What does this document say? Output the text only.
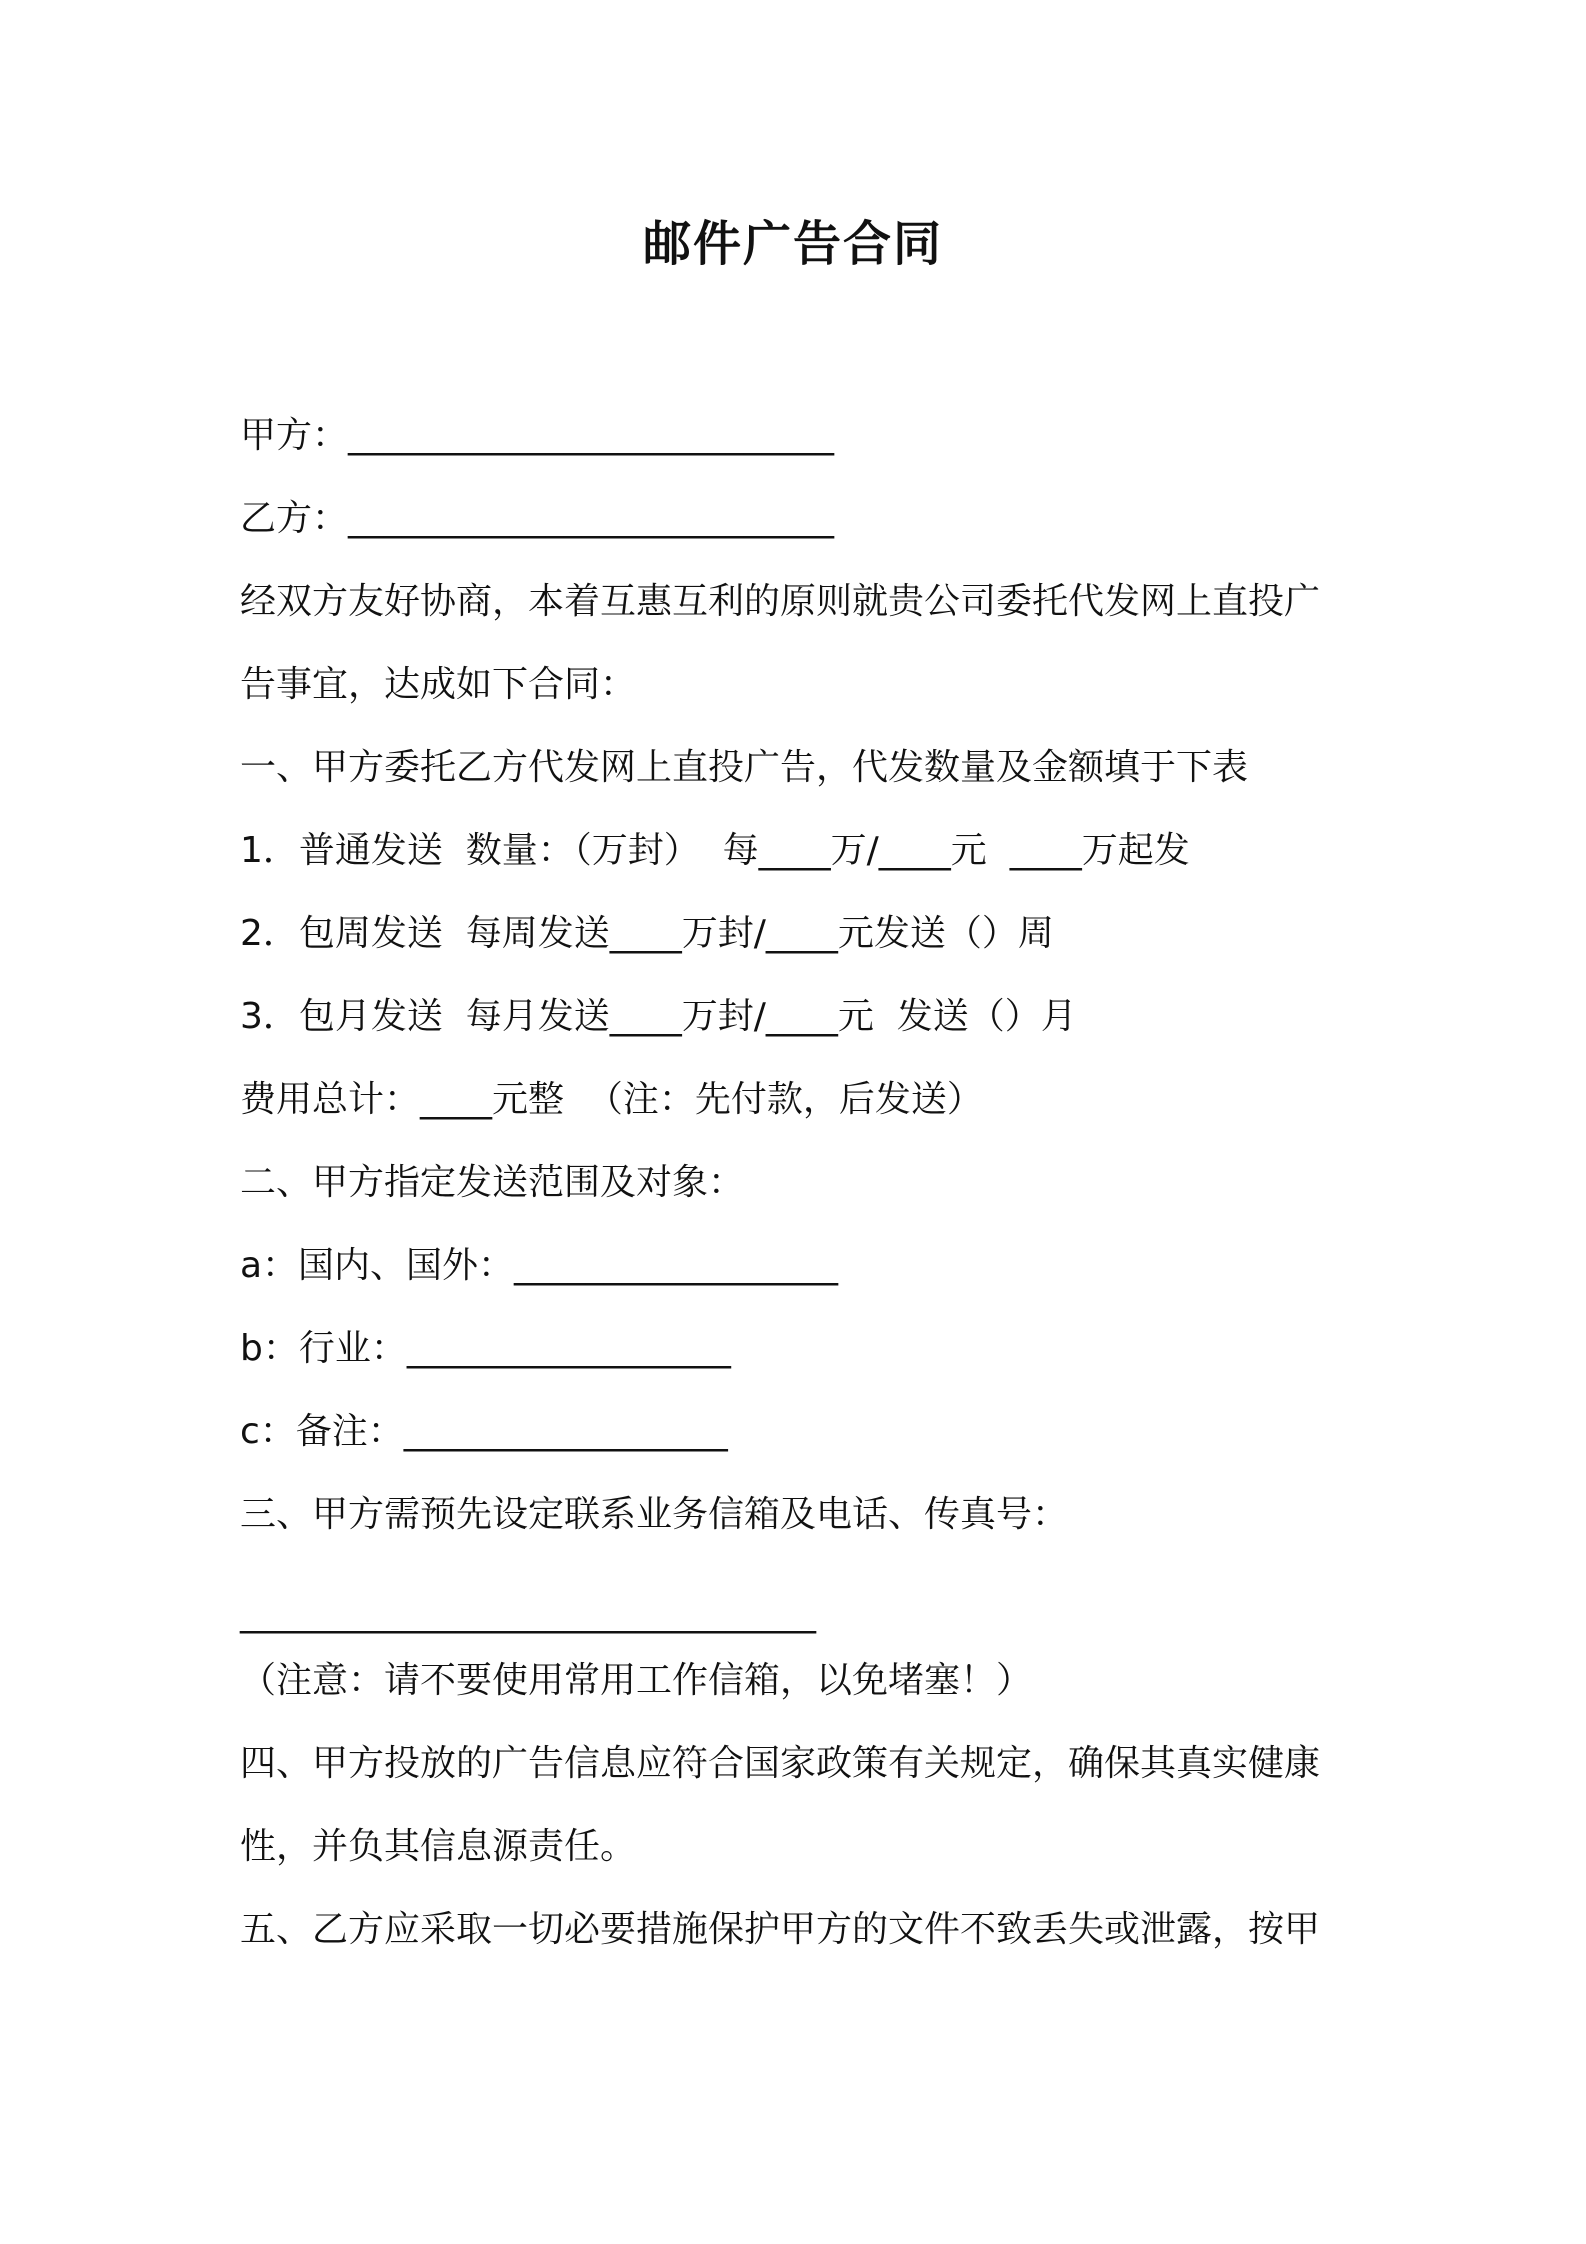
邮件广告合同
甲方：___________________________
乙方：___________________________
经双方友好协商，本着互惠互利的原则就贵公司委托代发网上直投广
告事宜，达成如下合同：
一、甲方委托乙方代发网上直投广告，代发数量及金额填于下表
1．普通发送  数量：（万封）  每____万/____元  ____万起发
2．包周发送  每周发送____万封/____元发送（）周
3．包月发送  每月发送____万封/____元  发送（）月
费用总计：____元整  （注：先付款，后发送）
二、甲方指定发送范围及对象：
a：国内、国外：__________________
b：行业：__________________
c：备注：__________________
三、甲方需预先设定联系业务信箱及电话、传真号：
________________________________
（注意：请不要使用常用工作信箱，以免堵塞！）
四、甲方投放的广告信息应符合国家政策有关规定，确保其真实健康
性，并负其信息源责任。
五、乙方应采取一切必要措施保护甲方的文件不致丢失或泄露，按甲
